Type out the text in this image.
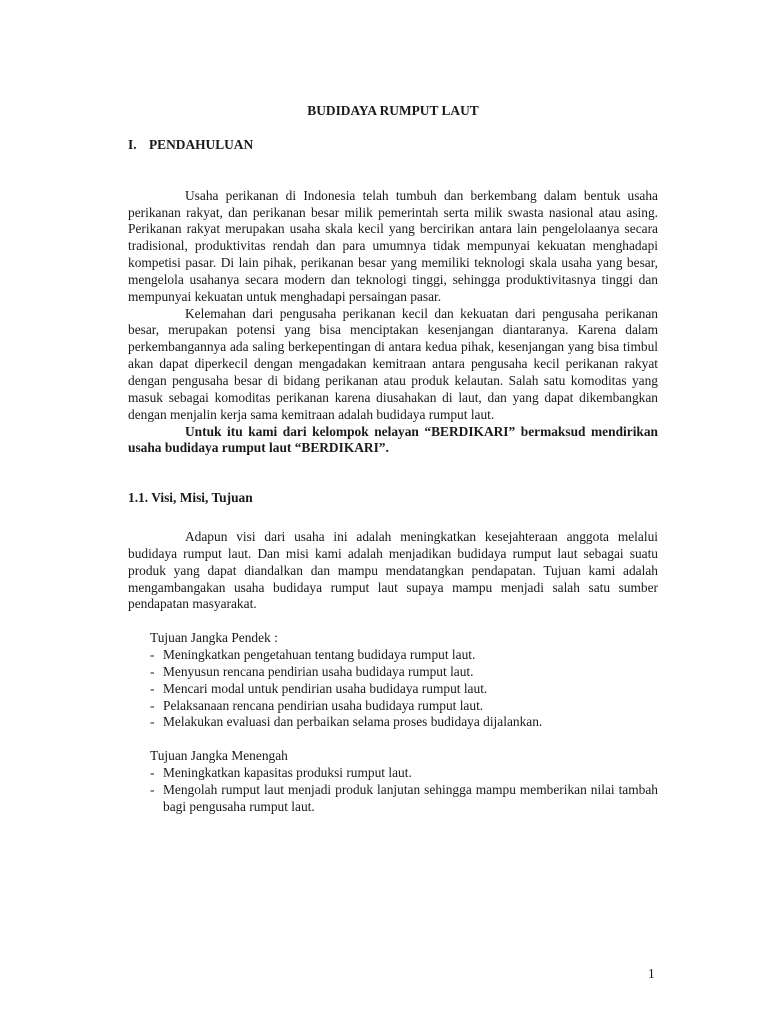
BUDIDAYA RUMPUT LAUT
I. PENDAHULUAN

Usaha perikanan di Indonesia telah tumbuh dan berkembang dalam bentuk usaha perikanan rakyat, dan perikanan besar milik pemerintah serta milik swasta nasional atau asing. Perikanan rakyat merupakan usaha skala kecil yang bercirikan antara lain pengelolaanya secara tradisional, produktivitas rendah dan para umumnya tidak mempunyai kekuatan menghadapi kompetisi pasar. Di lain pihak, perikanan besar yang memiliki teknologi skala usaha yang besar, mengelola usahanya secara modern dan teknologi tinggi, sehingga produktivitasnya tinggi dan mempunyai kekuatan untuk menghadapi persaingan pasar.

Kelemahan dari pengusaha perikanan kecil dan kekuatan dari pengusaha perikanan besar, merupakan potensi yang bisa menciptakan kesenjangan diantaranya. Karena dalam perkembangannya ada saling berkepentingan di antara kedua pihak, kesenjangan yang bisa timbul akan dapat diperkecil dengan mengadakan kemitraan antara pengusaha kecil perikanan rakyat dengan pengusaha besar di bidang perikanan atau produk kelautan. Salah satu komoditas yang masuk sebagai komoditas perikanan karena diusahakan di laut, dan yang dapat dikembangkan dengan menjalin kerja sama kemitraan adalah budidaya rumput laut.

Untuk itu kami dari kelompok nelayan “BERDIKARI” bermaksud mendirikan usaha budidaya rumput laut “BERDIKARI”.

1.1. Visi, Misi, Tujuan

Adapun visi dari usaha ini adalah meningkatkan kesejahteraan anggota melalui budidaya rumput laut. Dan misi kami adalah menjadikan budidaya rumput laut sebagai suatu produk yang dapat diandalkan dan mampu mendatangkan pendapatan. Tujuan kami adalah mengambangakan usaha budidaya rumput laut supaya mampu menjadi salah satu sumber pendapatan masyarakat.

Tujuan Jangka Pendek :
- Meningkatkan pengetahuan tentang budidaya rumput laut.
- Menyusun rencana pendirian usaha budidaya rumput laut.
- Mencari modal untuk pendirian usaha budidaya rumput laut.
- Pelaksanaan rencana pendirian usaha budidaya rumput laut.
- Melakukan evaluasi dan perbaikan selama proses budidaya dijalankan.
Tujuan Jangka Menengah
- Meningkatkan kapasitas produksi rumput laut.
- Mengolah rumput laut menjadi produk lanjutan sehingga mampu memberikan nilai tambah bagi pengusaha rumput laut.
1
